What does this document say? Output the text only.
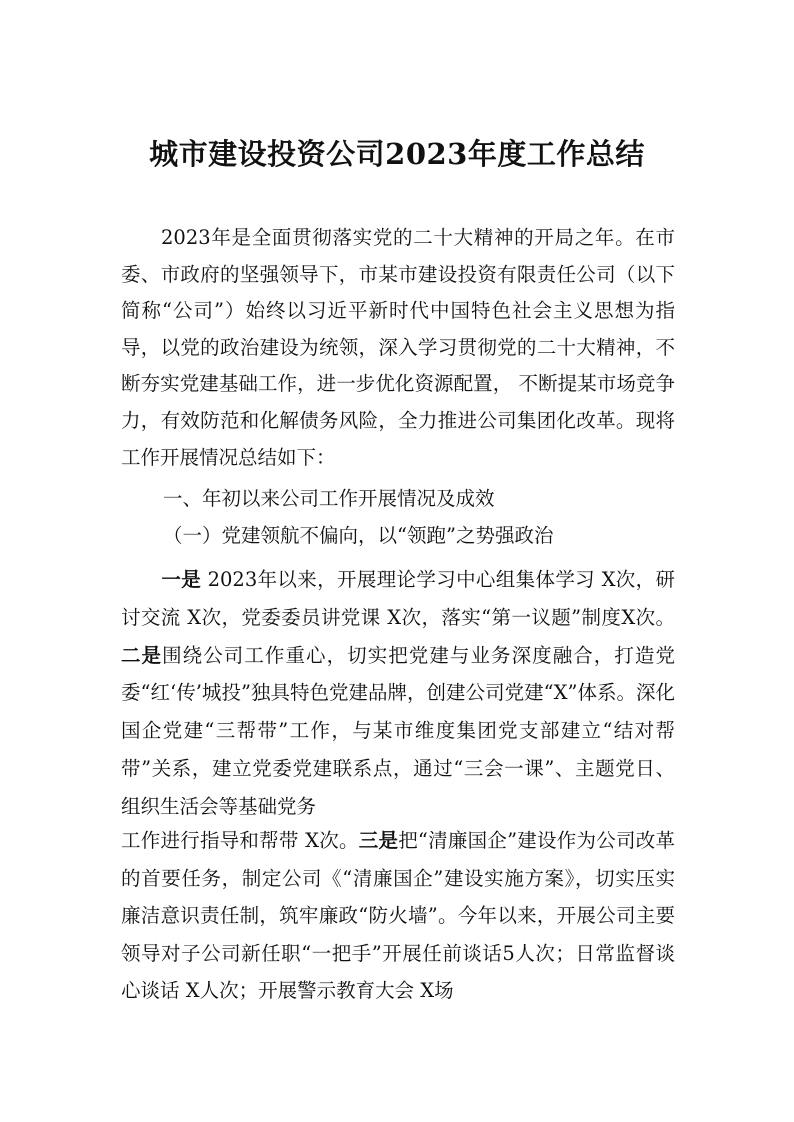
城市建设投资公司2023年度工作总结

2023年是全面贯彻落实党的二十大精神的开局之年。在市委、市政府的坚强领导下，市某市建设投资有限责任公司（以下简称“公司”）始终以习近平新时代中国特色社会主义思想为指导，以党的政治建设为统领，深入学习贯彻党的二十大精神，不断夯实党建基础工作，进一步优化资源配置， 不断提某市场竞争力，有效防范和化解债务风险，全力推进公司集团化改革。现将工作开展情况总结如下：

一、年初以来公司工作开展情况及成效

（一）党建领航不偏向，以“领跑”之势强政治

一是 2023年以来，开展理论学习中心组集体学习 X次，研讨交流 X次，党委委员讲党课 X次，落实“第一议题”制度X次。二是围绕公司工作重心，切实把党建与业务深度融合，打造党委“红‘传’城投”独具特色党建品牌，创建公司党建“X”体系。深化国企党建“三帮带”工作，与某市维度集团党支部建立“结对帮带”关系，建立党委党建联系点，通过“三会一课”、主题党日、组织生活会等基础党务

工作进行指导和帮带 X次。三是把“清廉国企”建设作为公司改革的首要任务，制定公司《“清廉国企”建设实施方案》，切实压实廉洁意识责任制，筑牢廉政“防火墙”。今年以来，开展公司主要领导对子公司新任职“一把手”开展任前谈话5人次；日常监督谈心谈话 X人次；开展警示教育大会 X场
